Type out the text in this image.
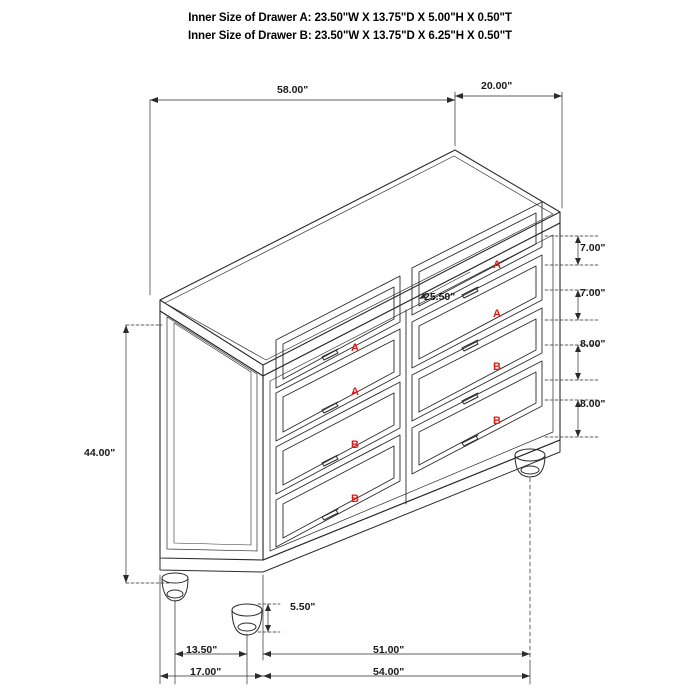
Inner Size of Drawer A: 23.50"W X 13.75"D X 5.00"H X 0.50"T
Inner Size of Drawer B: 23.50"W X 13.75"D X 6.25"H X 0.50"T
58.00"	20.00"
44.00"
7.00"
7.00"
8.00"
8.00"
25.50"
5.50"
13.50"
17.00"
51.00"
54.00"
A
A
B
B
A
A
B
B
